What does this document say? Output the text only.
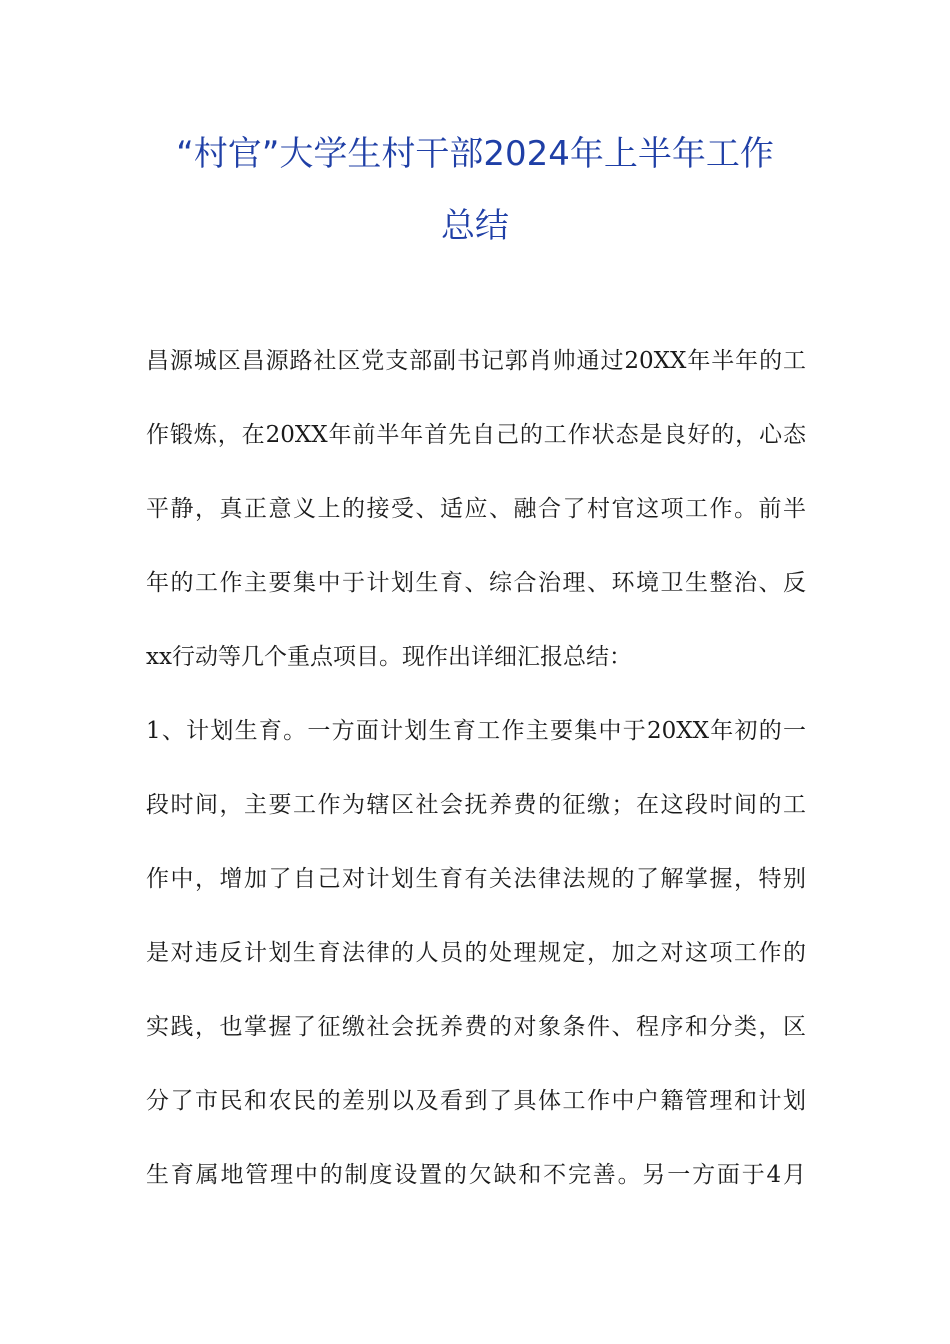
“村官”大学生村干部2024年上半年工作
总结
昌源城区昌源路社区党支部副书记郭肖帅通过20XX年半年的工
作锻炼，在20XX年前半年首先自己的工作状态是良好的，心态
平静，真正意义上的接受、适应、融合了村官这项工作。前半
年的工作主要集中于计划生育、综合治理、环境卫生整治、反
xx行动等几个重点项目。现作出详细汇报总结：
1、计划生育。一方面计划生育工作主要集中于20XX年初的一
段时间，主要工作为辖区社会抚养费的征缴；在这段时间的工
作中，增加了自己对计划生育有关法律法规的了解掌握，特别
是对违反计划生育法律的人员的处理规定，加之对这项工作的
实践，也掌握了征缴社会抚养费的对象条件、程序和分类，区
分了市民和农民的差别以及看到了具体工作中户籍管理和计划
生育属地管理中的制度设置的欠缺和不完善。另一方面于4月
